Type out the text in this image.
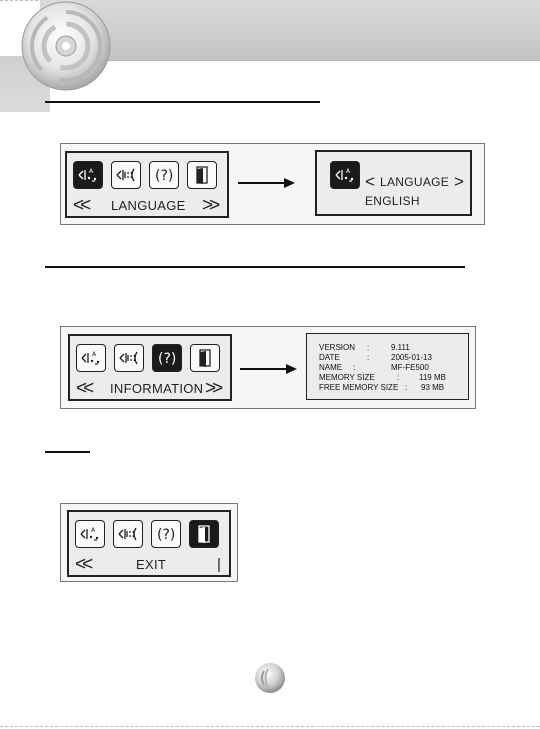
A	(?)
<< LANGUAGE >>
A
< LANGUAGE >
ENGLISH
A	(?)
<< INFORMATION >>
VERSION :	9.111
DATE	:	2005-01-13
NAME :	MF-FE500
MEMORY SIZE	: 119 MB
FREE MEMORY SIZE : 93 MB
A	(?)
<<	EXIT	|
